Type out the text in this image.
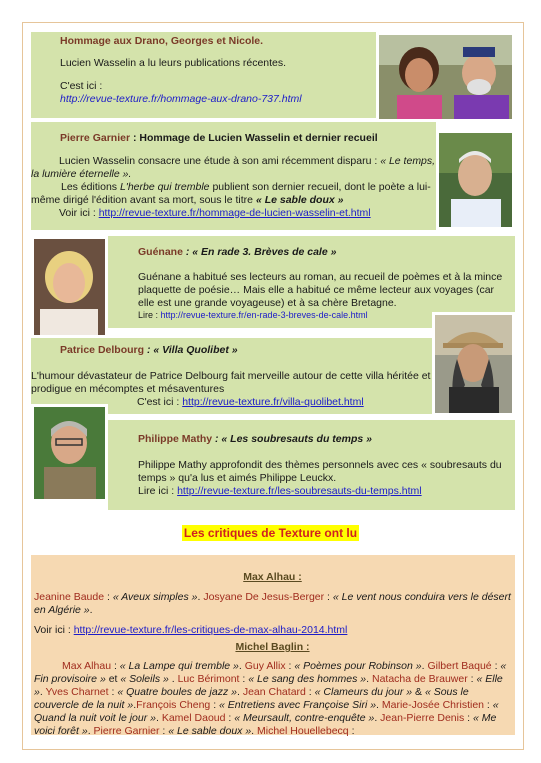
Hommage aux Drano, Georges et Nicole.

Lucien Wasselin a lu leurs publications récentes.

C'est ici :

http://revue-texture.fr/hommage-aux-drano-737.html

Pierre Garnier : Hommage de Lucien Wasselin et dernier recueil

Lucien Wasselin consacre une étude à son ami récemment disparu : « Le temps, la lumière éternelle ».

Les éditions L'herbe qui tremble publient son dernier recueil, dont le poète a lui-même dirigé l'édition avant sa mort, sous le titre « Le sable doux »

Voir ici : http://revue-texture.fr/hommage-de-lucien-wasselin-et.html

Guénane : « En rade 3. Brèves de cale »

Guénane a habitué ses lecteurs au roman, au recueil de poèmes et à la mince plaquette de poésie… Mais elle a habitué ce même lecteur aux voyages (car elle est une grande voyageuse) et à sa chère Bretagne.

Lire : http://revue-texture.fr/en-rade-3-breves-de-cale.html

Patrice Delbourg : « Villa Quolibet »

L'humour dévastateur de Patrice Delbourg fait merveille autour de cette villa héritée et prodigue en mécomptes et mésaventures

C'est ici : http://revue-texture.fr/villa-quolibet.html

Philippe Mathy : « Les soubresauts du temps »

Philippe Mathy approfondit des thèmes personnels avec ces « soubresauts du temps » qu'a lus et aimés Philippe Leuckx.

Lire ici : http://revue-texture.fr/les-soubresauts-du-temps.html

Les critiques de Texture ont lu

Max Alhau :

Jeanine Baude : « Aveux simples ». Josyane De Jesus-Berger : « Le vent nous conduira vers le désert en Algérie ».

Voir ici : http://revue-texture.fr/les-critiques-de-max-alhau-2014.html

Michel Baglin :

Max Alhau : « La Lampe qui tremble ». Guy Allix : « Poèmes pour Robinson ». Gilbert Baqué : « Fin provisoire » et « Soleils » . Luc Bérimont : « Le sang des hommes ». Natacha de Brauwer : « Elle ». Yves Charnet : « Quatre boules de jazz ». Jean Chatard : « Clameurs du jour » & « Sous le couvercle de la nuit ».François Cheng : « Entretiens avec Françoise Siri ». Marie-Josée Christien : « Quand la nuit voit le jour ». Kamel Daoud : « Meursault, contre-enquête ». Jean-Pierre Denis : « Me voici forêt ». Pierre Garnier : « Le sable doux ». Michel Houellebecq :
